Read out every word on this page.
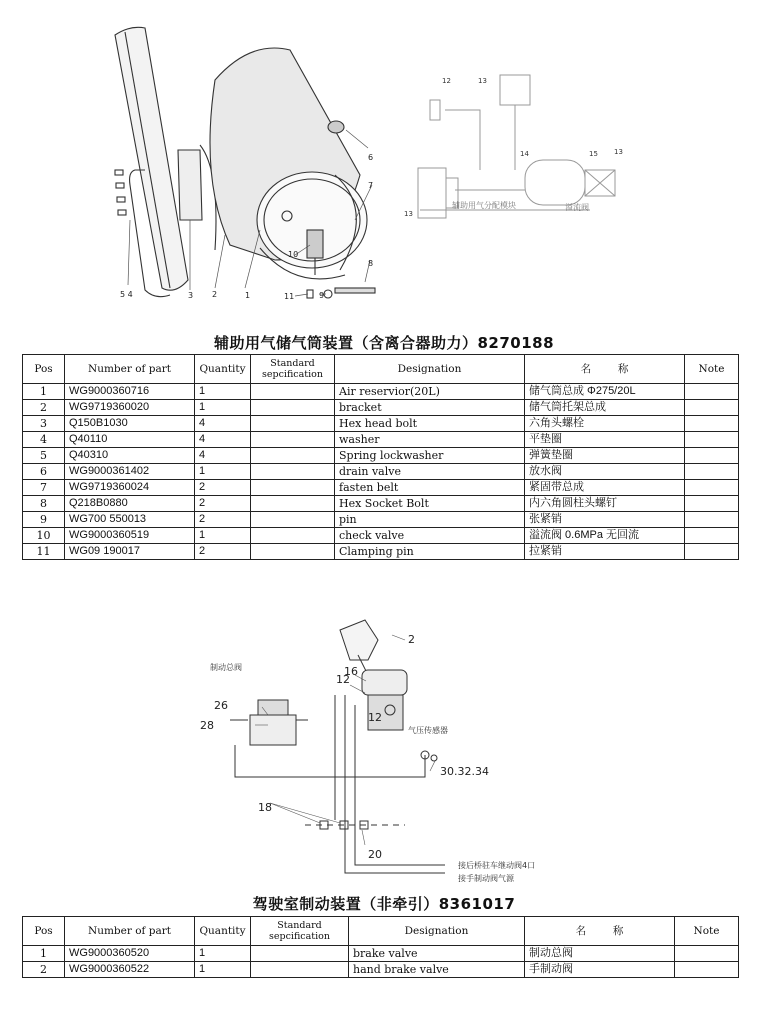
5 4	3 2	1	11	9
8
10
7
6
12	13
14	15 13
13
辅助用气分配模块	溢流阀
辅助用气储气筒装置（含离合器助力）8270188
Pos	Number of part	Quantity	Standard sepcification	Designation	名        称	Note
1	WG9000360716	1		Air reservior(20L)	储气筒总成 Φ275/20L	
2	WG9719360020	1		bracket	储气筒托架总成	
3	Q150B1030	4		Hex head bolt	六角头螺栓	
4	Q40110	4		washer	平垫圈	
5	Q40310	4		Spring lockwasher	弹簧垫圈	
6	WG9000361402	1		drain valve	放水阀	
7	WG9719360024	2		fasten belt	紧固带总成	
8	Q218B0880	2		Hex Socket Bolt	内六角圆柱头螺钉	
9	WG700 550013	2		pin	张紧销	
10	WG9000360519	1		check valve	溢流阀 0.6MPa 无回流	
11	WG09 190017	2		Clamping pin	拉紧销	
2
16
12
12
26
28
30.32.34
18
20
制动总阀
气压传感器
接后桥驻车继动阀4口
接手制动阀气源
驾驶室制动装置（非牵引）8361017
Pos	Number of part	Quantity	Standard sepcification	Designation	名        称	Note
1	WG9000360520	1		brake valve	制动总阀	
2	WG9000360522	1		hand brake valve	手制动阀	
